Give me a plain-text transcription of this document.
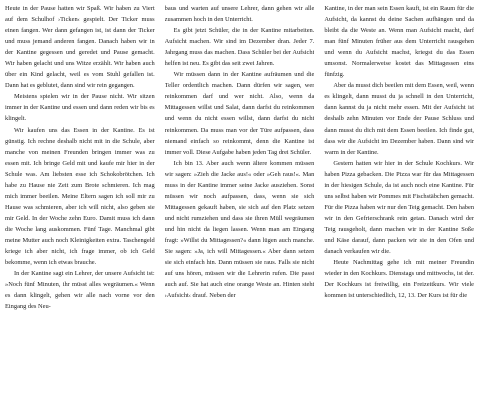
Heute in der Pause hatten wir Spaß. Wir haben zu Viert auf dem Schulhof ›Ticken‹ gespielt. Der Ticker muss einen fangen. Wer dann gefangen ist, ist dann der Ticker und muss jemand anderen fangen. Danach haben wir in der Kantine gegessen und geredet und Pause gemacht. Wir haben gelacht und uns Witze erzählt. Wir haben auch über ein Kind gelacht, weil es vom Stuhl gefallen ist. Dann hat es geblutet, dann sind wir rein gegangen.

Meistens spielen wir in der Pause nicht. Wir sitzen immer in der Kantine und essen und dann reden wir bis es klingelt.

Wir kaufen uns das Essen in der Kantine. Es ist günstig. Ich rechne deshalb nicht mit in die Schule, aber manche von meinen Freunden bringen immer was zu essen mit. Ich bringe Geld mit und kaufe mir hier in der Schule was. Am liebsten esse ich Schokobrötchen. Ich habe zu Hause nie Zeit zum Brote schmieren. Ich mag mich immer beeilen. Meine Eltern sagen ich soll mir zu Hause was schmieren, aber ich will nicht, also geben sie mir Geld. In der Woche zehn Euro. Damit muss ich dann die Woche lang auskommen. Fünf Tage. Manchmal gibt meine Mutter auch noch Kleinigkeiten extra. Taschengeld kriege ich aber nicht, ich frage immer, ob ich Geld bekomme, wenn ich etwas brauche.

In der Kantine sagt ein Lehrer, der unsere Aufsicht ist: »Noch fünf Minuten, ihr müsst alles wegräumen.« Wenn es dann klingelt, gehen wir alle nach vorne vor den Eingang des Neu-

baus und warten auf unsere Lehrer, dann gehen wir alle zusammen hoch in den Unterricht.

Es gibt jetzt Schüler, die in der Kantine mitarbeiten. Aufsicht machen. Wir sind im Dezember dran. Jeder 7. Jahrgang muss das machen. Dass Schüler bei der Aufsicht helfen ist neu. Es gibt das seit zwei Jahren.

Wir müssen dann in der Kantine aufräumen und die Teller ordentlich machen. Dann dürfen wir sagen, wer reinkommen darf und wer nicht. Also, wenn da Mittagessen willst und Salat, dann darfst du reinkommen und wenn du nicht essen willst, dann darfst du nicht reinkommen. Da muss man vor der Türe aufpassen, dass niemand einfach so reinkommt, denn die Kantine ist immer voll. Diese Aufgabe haben jeden Tag drei Schüler.

Ich bin 13. Aber auch wenn ältere kommen müssen wir sagen: »Zieh die Jacke aus!« oder »Geh raus!«. Man muss in der Kantine immer seine Jacke ausziehen. Sonst müssen wir noch aufpassen, dass, wenn sie sich Mittagessen gekauft haben, sie sich auf den Platz setzen und nicht rumziehen und dass sie ihren Müll wegräumen und hin nicht da liegen lassen. Wenn man am Eingang fragt: »Willst du Mittagessen?« dann lügen auch manche. Sie sagen: »Ja, ich will Mittagessen.« Aber dann setzen sie sich einfach hin. Dann müssen sie raus. Falls sie nicht auf uns hören, müssen wir die Lehrerin rufen. Die passt auch auf. Sie hat auch eine orange Weste an. Hinten steht ›Aufsicht‹ drauf. Neben der

Kantine, in der man sein Essen kauft, ist ein Raum für die Aufsicht, da kannst du deine Sachen aufhängen und da bleibt da die Weste an. Wenn man Aufsicht macht, darf man fünf Minuten früher aus dem Unterricht rausgehen und wenn du Aufsicht machst, kriegst du das Essen umsonst. Normalerweise kostet das Mittagessen eins fünfzig.

Aber da musst dich beeilen mit dem Essen, weil, wenn es klingelt, dann musst du ja schnell in den Unterricht, dann kannst du ja nicht mehr essen. Mit der Aufsicht ist deshalb zehn Minuten vor Ende der Pause Schluss und dann musst du dich mit dem Essen beeilen. Ich finde gut, dass wir die Aufsicht im Dezember haben. Dann sind wir warm in der Kantine.

Gestern hatten wir hier in der Schule Kochkurs. Wir haben Pizza gebacken. Die Pizza war für das Mittagessen in der hiesigen Schule, da ist auch noch eine Kantine. Für uns selbst haben wir Pommes mit Fischstäbchen gemacht. Für die Pizza haben wir nur den Teig gemacht. Den haben wir in den Gefrierschrank rein getan. Danach wird der Teig rausgeholt, dann machen wir in der Kantine Soße und Käse darauf, dann packen wir sie in den Ofen und danach verkaufen wir die.

Heute Nachmittag gehe ich mit meiner Freundin wieder in den Kochkurs. Dienstags und mittwochs, ist der. Der Kochkurs ist freiwillig, ein Freizeitkurs. Wir viele kommen ist unterschiedlich, 12, 13. Der Kurs ist für die
